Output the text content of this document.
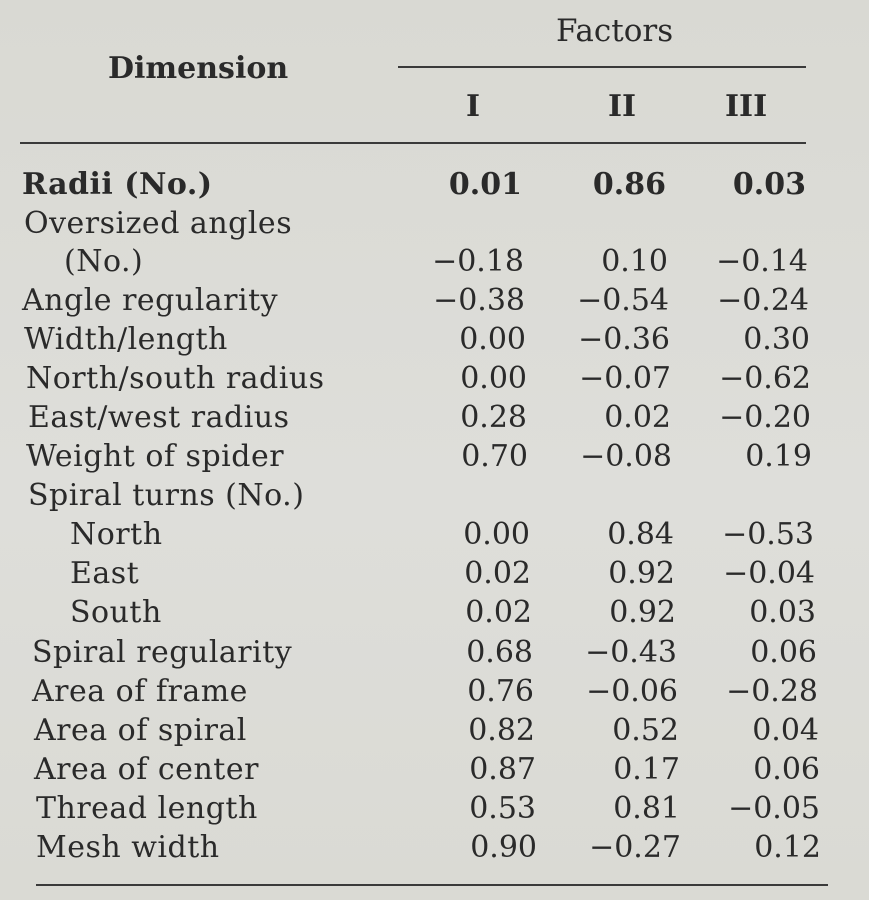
Factors
Dimension
I	II	III
Radii (No.)	0.01	0.86	0.03
Oversized angles
(No.)	−0.18	0.10	−0.14
Angle regularity	−0.38	−0.54	−0.24
Width/length	0.00	−0.36	0.30
North/south radius	0.00	−0.07	−0.62
East/west radius	0.28	0.02	−0.20
Weight of spider	0.70	−0.08	0.19
Spiral turns (No.)
North	0.00	0.84	−0.53
East	0.02	0.92	−0.04
South	0.02	0.92	0.03
Spiral regularity	0.68	−0.43	0.06
Area of frame	0.76	−0.06	−0.28
Area of spiral	0.82	0.52	0.04
Area of center	0.87	0.17	0.06
Thread length	0.53	0.81	−0.05
Mesh width	0.90	−0.27	0.12
